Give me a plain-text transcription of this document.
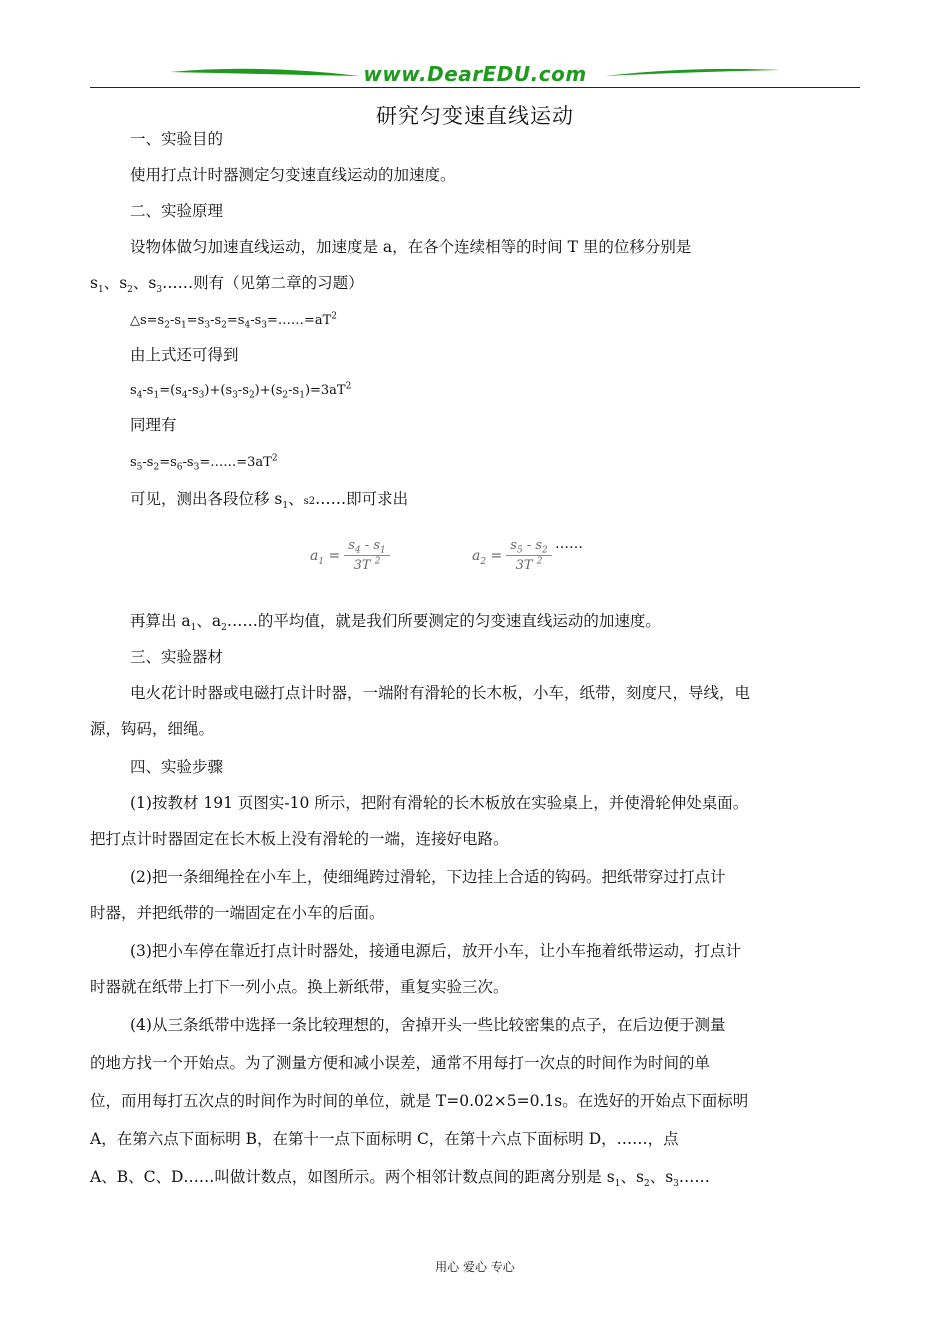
www.DearEDU.com
研究匀变速直线运动
一、实验目的
使用打点计时器测定匀变速直线运动的加速度。
二、实验原理
设物体做匀加速直线运动，加速度是 a，在各个连续相等的时间 T 里的位移分别是
$s_1$、$s_2$、$s_3\dots\dots$则有（见第二章的习题）
$\triangle s=s_2-s_1=s_3-s_2=s_4-s_3=\dots\dots=aT^2$
由上式还可得到
$s_4-s_1=(s_4-s_3)+(s_3-s_2)+(s_2-s_1)=3aT^2$
同理有
$s_5-s_2=s_6-s_3=\dots\dots=3aT^2$
可见，测出各段位移 $s_1$、s2……即可求出
$a_1 = \frac{s_4 - s_1}{3T ^2}$	$a_2 = \frac{s_5 - s_2}{3T ^2}$ ……
再算出 $a_1$、$a_2\dots\dots$的平均值，就是我们所要测定的匀变速直线运动的加速度。
三、实验器材
电火花计时器或电磁打点计时器，一端附有滑轮的长木板，小车，纸带，刻度尺，导线，电
源，钩码，细绳。
四、实验步骤
(1)按教材 191 页图实-10 所示，把附有滑轮的长木板放在实验桌上，并使滑轮伸处桌面。
把打点计时器固定在长木板上没有滑轮的一端，连接好电路。
(2)把一条细绳拴在小车上，使细绳跨过滑轮，下边挂上合适的钩码。把纸带穿过打点计
时器，并把纸带的一端固定在小车的后面。
(3)把小车停在靠近打点计时器处，接通电源后，放开小车，让小车拖着纸带运动，打点计
时器就在纸带上打下一列小点。换上新纸带，重复实验三次。
(4)从三条纸带中选择一条比较理想的，舍掉开头一些比较密集的点子，在后边便于测量
的地方找一个开始点。为了测量方便和减小误差，通常不用每打一次点的时间作为时间的单
位，而用每打五次点的时间作为时间的单位，就是 T=0.02×5=0.1s。在选好的开始点下面标明
A，在第六点下面标明 B，在第十一点下面标明 C，在第十六点下面标明 D，……，点
A、B、C、D……叫做计数点，如图所示。两个相邻计数点间的距离分别是 $s_1$、$s_2$、$s_3\dots\dots$
用心 爱心 专心
